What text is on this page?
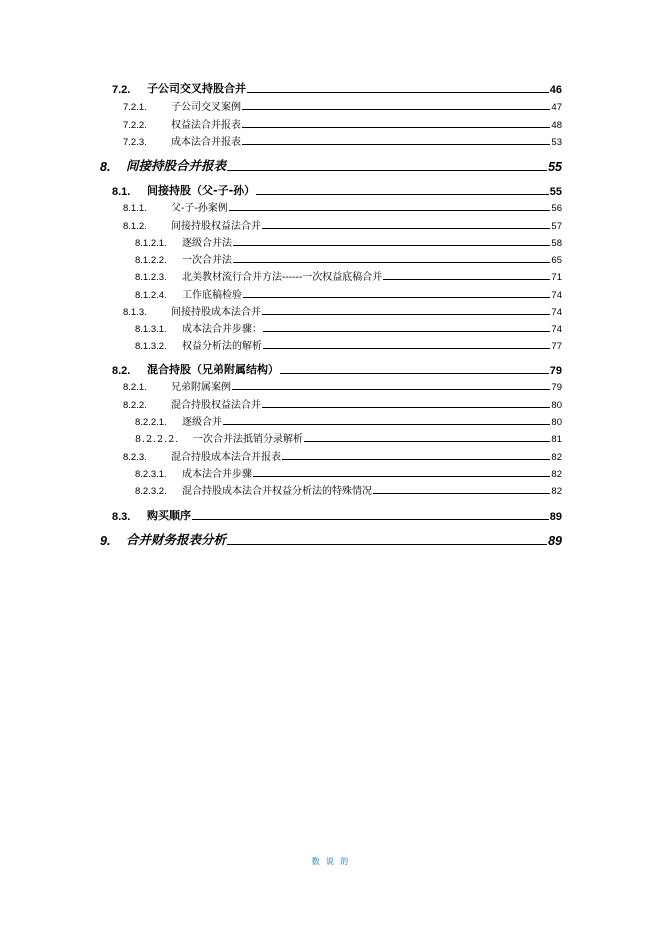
7.2.	子公司交叉持股合并	46
7.2.1.	子公司交叉案例	47
7.2.2.	权益法合并报表	48
7.2.3.	成本法合并报表	53
8.	间接持股合并报表	55
8.1.	间接持股（父-子-孙）	55
8.1.1.	父-子-孙案例	56
8.1.2.	间接持股权益法合并	57
8.1.2.1.	逐级合并法	58
8.1.2.2.	一次合并法	65
8.1.2.3.	北美教材流行合并方法------一次权益底稿合并	71
8.1.2.4.	工作底稿检验	74
8.1.3.	间接持股成本法合并	74
8.1.3.1.	成本法合并步骤：	74
8.1.3.2.	权益分析法的解析	77
8.2.	混合持股（兄弟附属结构）	79
8.2.1.	兄弟附属案例	79
8.2.2.	混合持股权益法合并	80
8.2.2.1.	逐级合并	80
8.2.2.2.	一次合并法抵销分录解析	81
8.2.3.	混合持股成本法合并报表	82
8.2.3.1.	成本法合并步骤	82
8.2.3.2.	混合持股成本法合并权益分析法的特殊情况	82
8.3.	购买顺序	89
9.	合并财务报表分析	89
数 说 的
